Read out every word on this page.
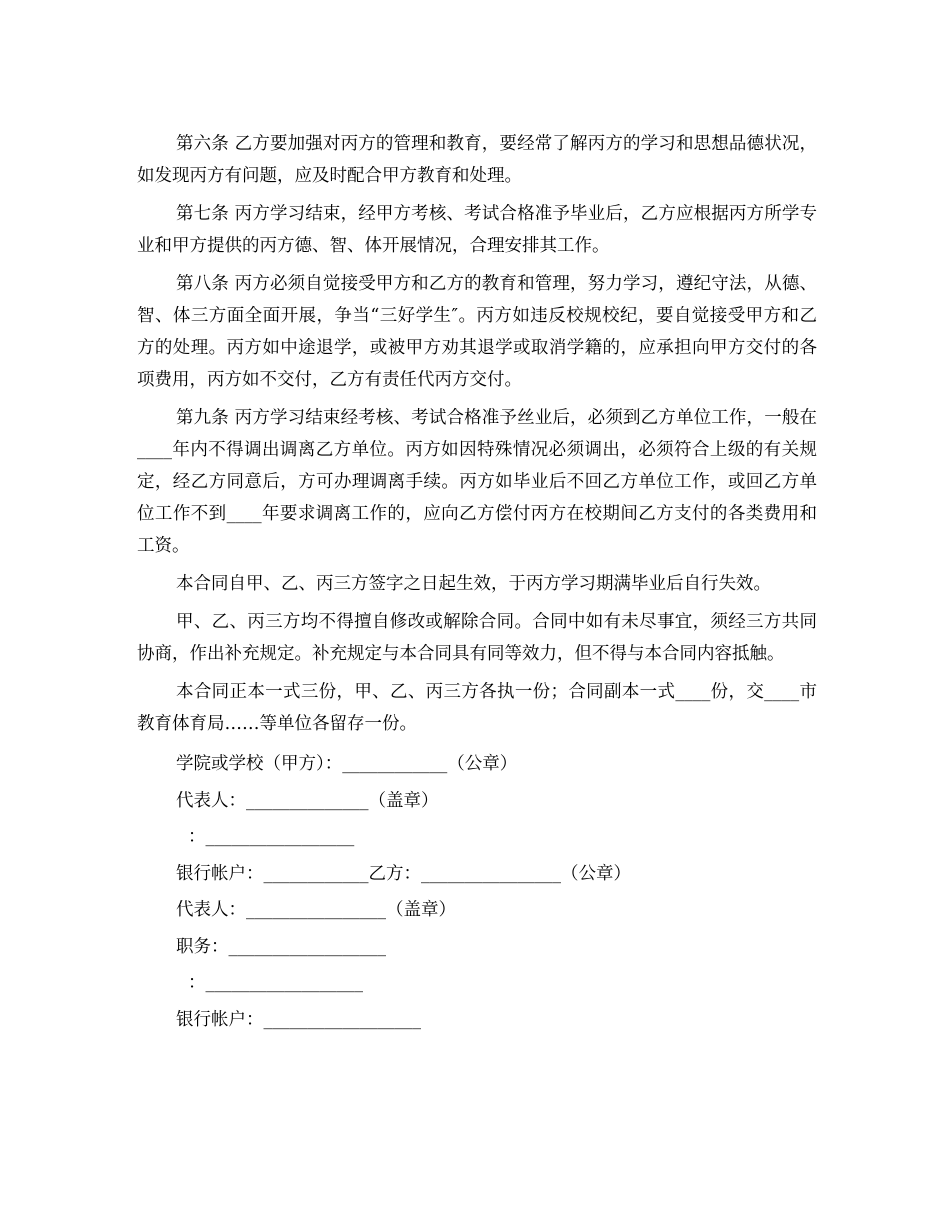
第六条 乙方要加强对丙方的管理和教育，要经常了解丙方的学习和思想品德状况，如发现丙方有问题，应及时配合甲方教育和处理。

第七条 丙方学习结束，经甲方考核、考试合格准予毕业后，乙方应根据丙方所学专业和甲方提供的丙方德、智、体开展情况，合理安排其工作。

第八条 丙方必须自觉接受甲方和乙方的教育和管理，努力学习，遵纪守法，从德、智、体三方面全面开展，争当“三好学生″。丙方如违反校规校纪，要自觉接受甲方和乙方的处理。丙方如中途退学，或被甲方劝其退学或取消学籍的，应承担向甲方交付的各项费用，丙方如不交付，乙方有责任代丙方交付。

第九条 丙方学习结束经考核、考试合格准予丝业后，必须到乙方单位工作，一般在____年内不得调出调离乙方单位。丙方如因特殊情况必须调出，必须符合上级的有关规定，经乙方同意后，方可办理调离手续。丙方如毕业后不回乙方单位工作，或回乙方单位工作不到____年要求调离工作的，应向乙方偿付丙方在校期间乙方支付的各类费用和工资。

本合同自甲、乙、丙三方签字之日起生效，于丙方学习期满毕业后自行失效。

甲、乙、丙三方均不得擅自修改或解除合同。合同中如有未尽事宜，须经三方共同协商，作出补充规定。补充规定与本合同具有同等效力，但不得与本合同内容抵触。

本合同正本一式三份，甲、乙、丙三方各执一份；合同副本一式____份，交____市教育体育局……等单位各留存一份。

学院或学校（甲方）：____________（公章）

代表人：______________（盖章）

：_________________

银行帐户：____________乙方：________________（公章）

代表人：________________（盖章）

职务：__________________

：__________________

银行帐户：__________________
